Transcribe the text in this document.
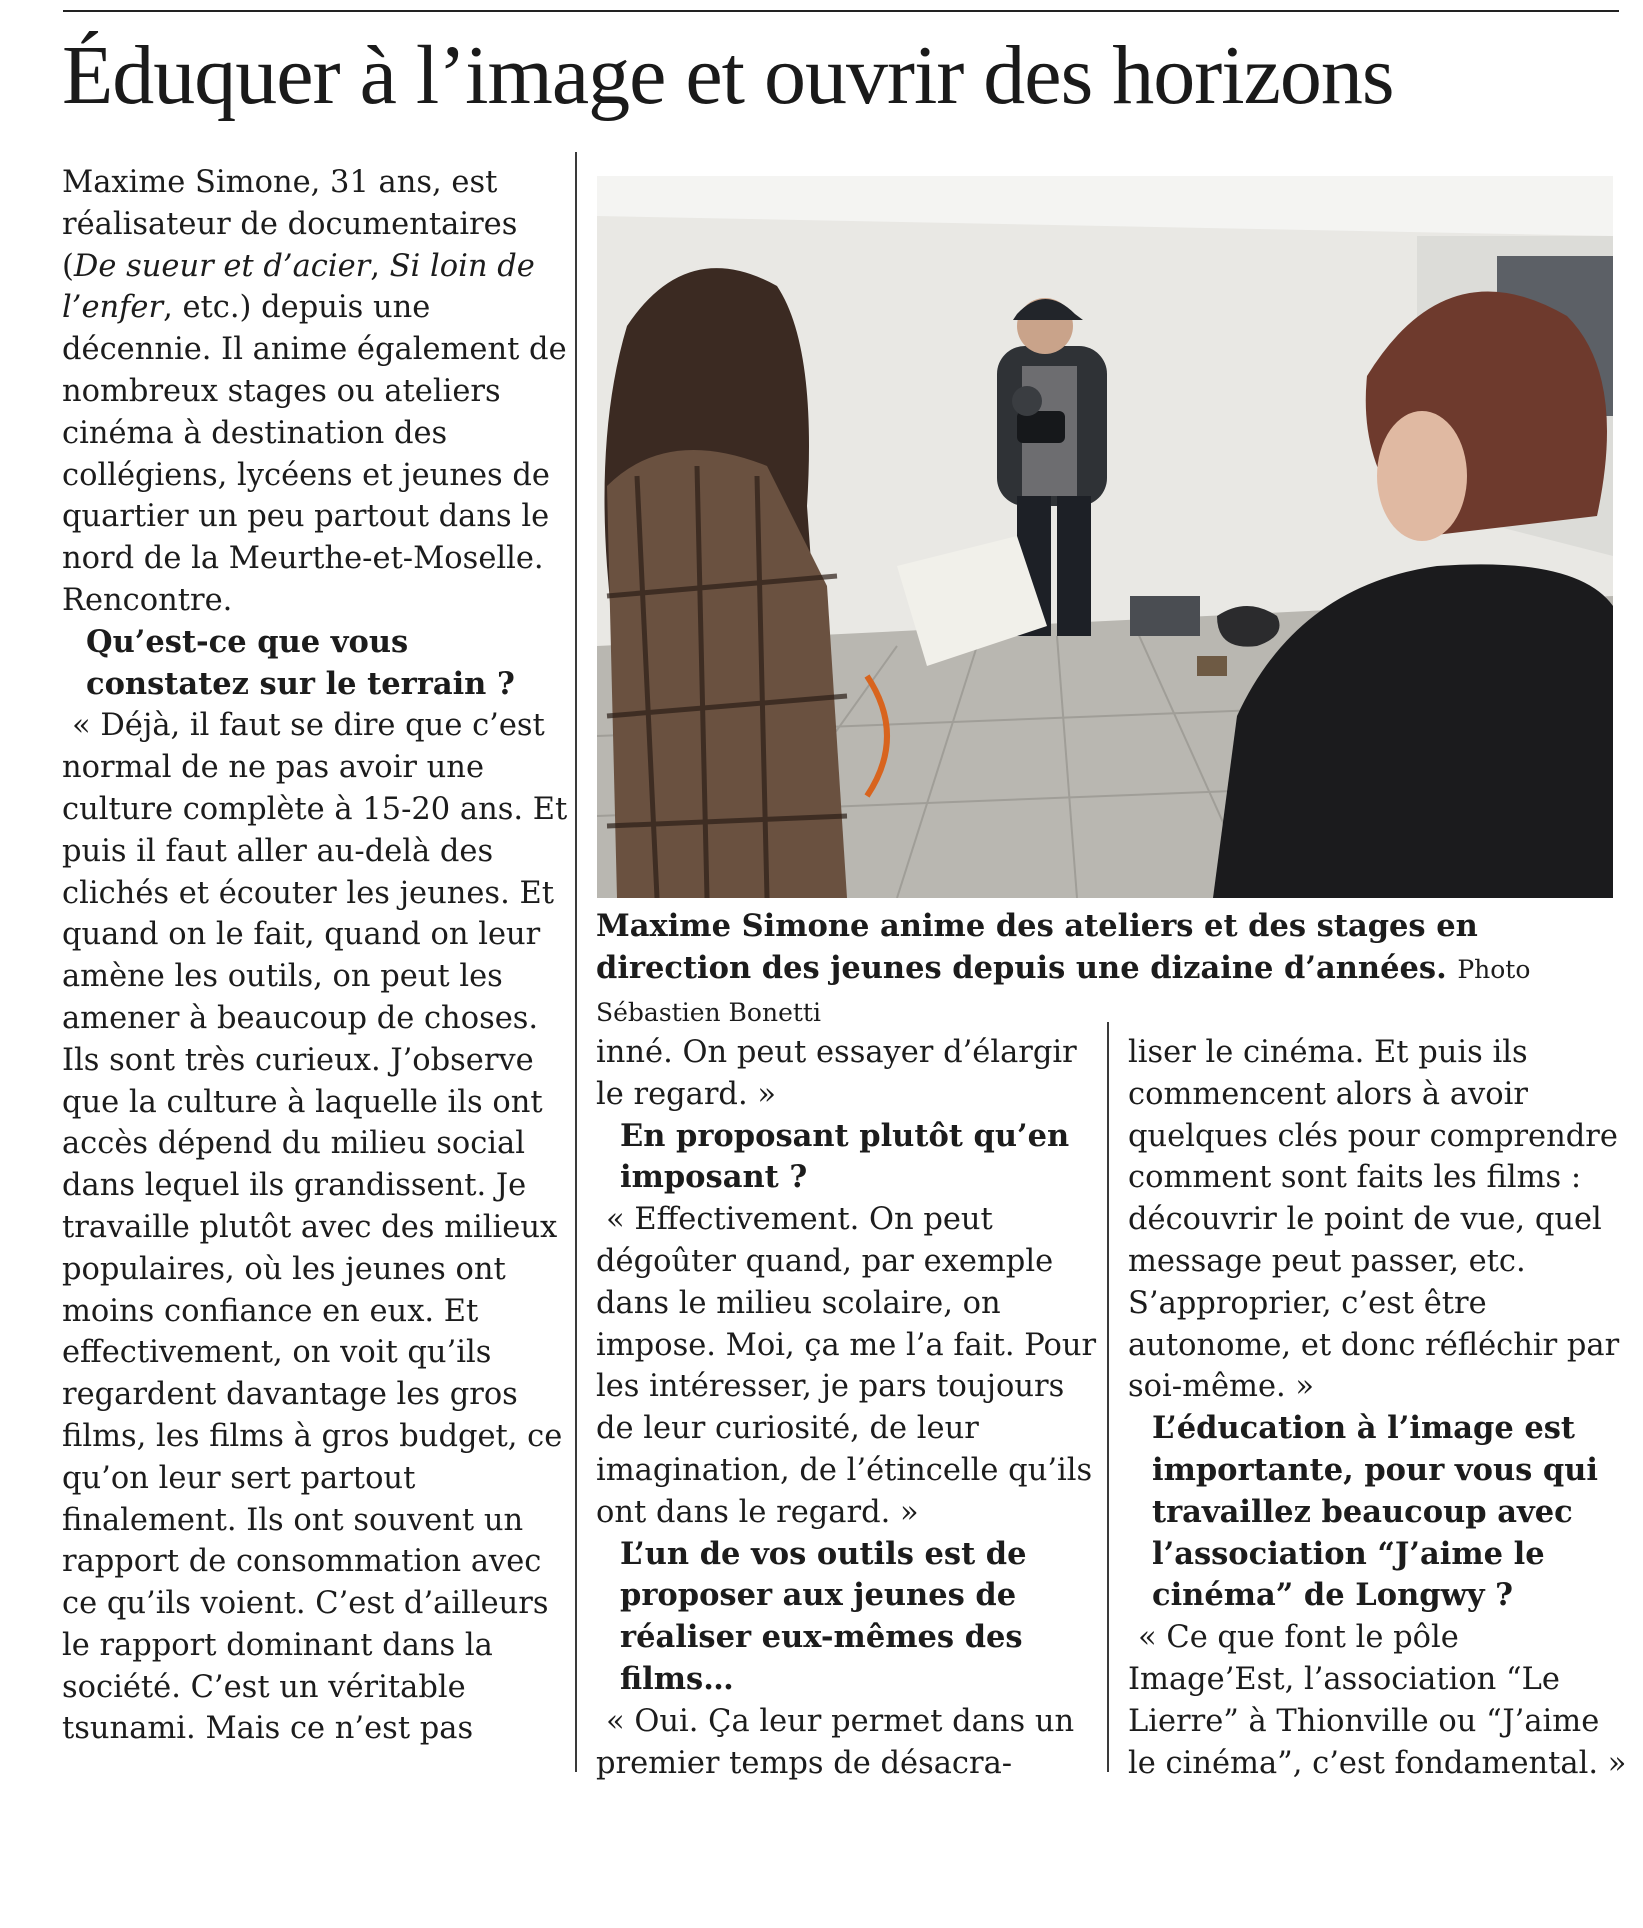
Éduquer à l’image et ouvrir des horizons

Maxime Simone, 31 ans, est réalisateur de documentaires (De sueur et d’acier, Si loin de l’enfer, etc.) depuis une décennie. Il anime également de nombreux stages ou ateliers cinéma à destination des collégiens, lycéens et jeunes de quartier un peu partout dans le nord de la Meurthe-et-Moselle. Rencontre.

Qu’est-ce que vous constatez sur le terrain ?

« Déjà, il faut se dire que c’est normal de ne pas avoir une culture complète à 15-20 ans. Et puis il faut aller au-delà des clichés et écouter les jeunes. Et quand on le fait, quand on leur amène les outils, on peut les amener à beaucoup de choses. Ils sont très curieux. J’observe que la culture à laquelle ils ont accès dépend du milieu social dans lequel ils grandissent. Je travaille plutôt avec des milieux populaires, où les jeunes ont moins confiance en eux. Et effectivement, on voit qu’ils regardent davantage les gros films, les films à gros budget, ce qu’on leur sert partout finalement. Ils ont souvent un rapport de consommation avec ce qu’ils voient. C’est d’ailleurs le rapport dominant dans la société. C’est un véritable tsunami. Mais ce n’est pas

Maxime Simone anime des ateliers et des stages en direction des jeunes depuis une dizaine d’années. Photo Sébastien Bonetti

inné. On peut essayer d’élargir le regard. »

En proposant plutôt qu’en imposant ?

« Effectivement. On peut dégoûter quand, par exemple dans le milieu scolaire, on impose. Moi, ça me l’a fait. Pour les intéresser, je pars toujours de leur curiosité, de leur imagination, de l’étincelle qu’ils ont dans le regard. »

L’un de vos outils est de proposer aux jeunes de réaliser eux-mêmes des films…

« Oui. Ça leur permet dans un premier temps de désacra-

liser le cinéma. Et puis ils commencent alors à avoir quelques clés pour comprendre comment sont faits les films : découvrir le point de vue, quel message peut passer, etc. S’approprier, c’est être autonome, et donc réfléchir par soi-même. »

L’éducation à l’image est importante, pour vous qui travaillez beaucoup avec l’association “J’aime le cinéma” de Longwy ?

« Ce que font le pôle Image’Est, l’association “Le Lierre” à Thionville ou “J’aime le cinéma”, c’est fondamental. »
